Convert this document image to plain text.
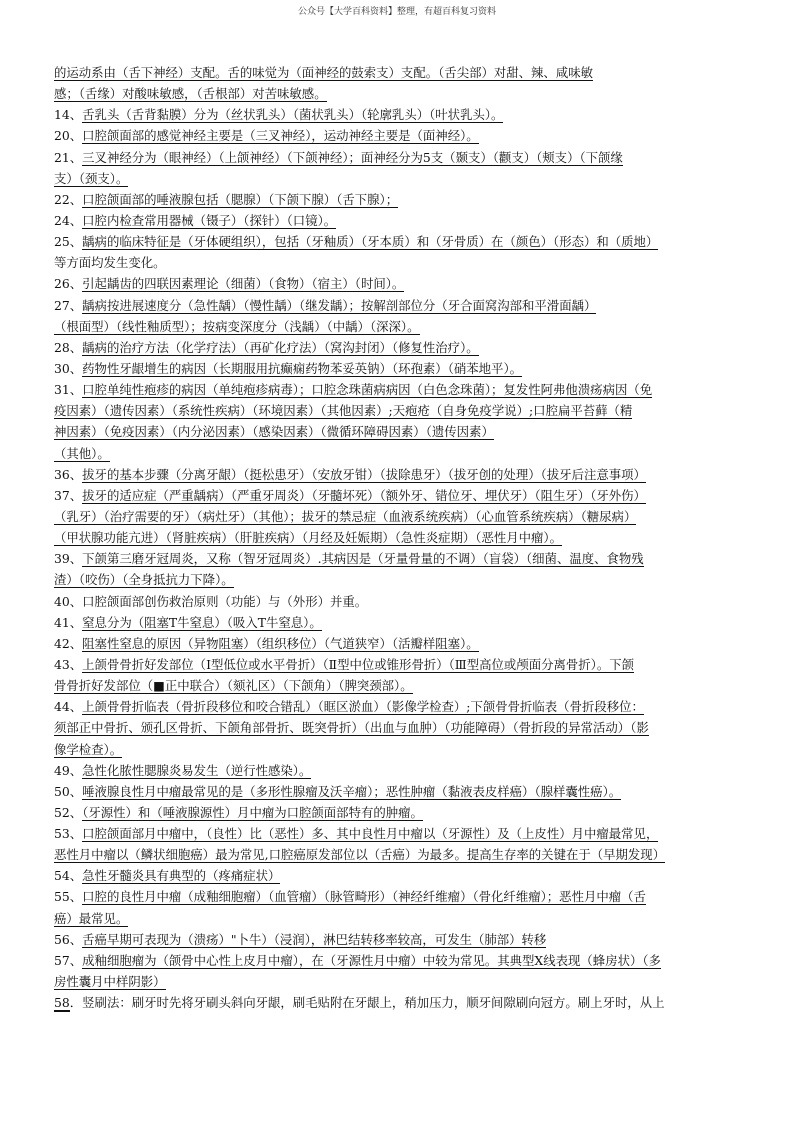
公众号【大学百科资料】整理，有超百科复习资料
的运动系由（舌下神经）支配。舌的味觉为（面神经的鼓索支）支配。（舌尖部）对甜、辣、咸味敏
感；（舌缘）对酸味敏感，（舌根部）对苦味敏感。
14、舌乳头（舌背黏膜）分为（丝状乳头）（菌状乳头）（轮廓乳头）（叶状乳头）。
20、口腔颌面部的感觉神经主要是（三叉神经），运动神经主要是（面神经）。
21、三叉神经分为（眼神经）（上颌神经）（下颌神经）；面神经分为5支（颞支）（颧支）（颊支）（下颌缘
支）（颈支）。
22、口腔颌面部的唾液腺包括（腮腺）（下颌下腺）（舌下腺）；
24、口腔内检查常用器械（镊子）（探针）（口镜）。
25、龋病的临床特征是（牙体硬组织），包括（牙釉质）（牙本质）和（牙骨质）在（颜色）（形态）和（质地）
等方面均发生变化。
26、引起龋齿的四联因素理论（细菌）（食物）（宿主）（时间）。
27、龋病按进展速度分（急性龋）（慢性龋）（继发龋）；按解剖部位分（牙合面窝沟部和平滑面龋）
（根面型）（线性釉质型）；按病变深度分（浅龋）（中龋）（深深）。
28、龋病的治疗方法（化学疗法）（再矿化疗法）（窝沟封闭）（修复性治疗）。
30、药物性牙龈增生的病因（长期服用抗癫痫药物苯妥英钠）（环孢素）（硝苯地平）。
31、口腔单纯性疱疹的病因（单纯疱疹病毒）；口腔念珠菌病病因（白色念珠菌）；复发性阿弗他溃疡病因（免
疫因素）（遗传因素）（系统性疾病）（环境因素）（其他因素）;天疱疮（自身免疫学说）;口腔扁平苔藓（精
神因素）（免疫因素）（内分泌因素）（感染因素）（微循环障碍因素）（遗传因素）
（其他）。
36、拔牙的基本步骤（分离牙龈）（挺松患牙）（安放牙钳）（拔除患牙）（拔牙创的处理）（拔牙后注意事项）
37、拔牙的适应症（严重龋病）（严重牙周炎）（牙髓坏死）（额外牙、错位牙、埋伏牙）（阻生牙）（牙外伤）
（乳牙）（治疗需要的牙）（病灶牙）（其他）；拔牙的禁忌症（血液系统疾病）（心血管系统疾病）（糖尿病）
（甲状腺功能亢进）（肾脏疾病）（肝脏疾病）（月经及妊娠期）（急性炎症期）（恶性月中瘤）。
39、下颌第三磨牙冠周炎，又称（智牙冠周炎）.其病因是（牙量骨量的不调）（盲袋）（细菌、温度、食物残
渣）（咬伤）（全身抵抗力下降）。
40、口腔颌面部创伤救治原则（功能）与（外形）并重。
41、窒息分为（阻塞T牛窒息）（吸入T牛窒息）。
42、阻塞性窒息的原因（异物阻塞）（组织移位）（气道狭窄）（活瓣样阻塞）。
43、上颌骨骨折好发部位（Ⅰ型低位或水平骨折）（Ⅱ型中位或锥形骨折）（Ⅲ型高位或颅面分离骨折）。下颌
骨骨折好发部位（■正中联合）（颏礼区）（下颌角）（脾突颈部）。
44、上颌骨骨折临表（骨折段移位和咬合错乱）（眶区淤血）（影像学检查）;下颌骨骨折临表（骨折段移位：
须部正中骨折、颁孔区骨折、下颌角部骨折、既突骨折）（出血与血肿）（功能障碍）（骨折段的异常活动）（影
像学检查）。
49、急性化脓性腮腺炎易发生（逆行性感染）。
50、唾液腺良性月中瘤最常见的是（多形性腺瘤及沃辛瘤）；恶性肿瘤（黏液表皮样癌）（腺样囊性癌）。
52、（牙源性）和（唾液腺源性）月中瘤为口腔颌面部特有的肿瘤。
53、口腔颌面部月中瘤中，（良性）比（恶性）多、其中良性月中瘤以（牙源性）及（上皮性）月中瘤最常见，
恶性月中瘤以（鳞状细胞癌）最为常见,口腔癌原发部位以（舌癌）为最多。提高生存率的关键在于（早期发现）
54、急性牙髓炎具有典型的（疼痛症状）
55、口腔的良性月中瘤（成釉细胞瘤）（血管瘤）（脉管畸形）（神经纤维瘤）（骨化纤维瘤）；恶性月中瘤（舌
癌）最常见。
56、舌癌早期可表现为（溃疡）"卜牛）（浸润），淋巴结转移率较高，可发生（肺部）转移
57、成釉细胞瘤为（颌骨中心性上皮月中瘤），在（牙源性月中瘤）中较为常见。其典型X线表现（蜂房状）（多
房性囊月中样阴影）
58．竖刷法：刷牙时先将牙刷头斜向牙龈，刷毛贴附在牙龈上，稍加压力，顺牙间隙刷向冠方。刷上牙时，从上
